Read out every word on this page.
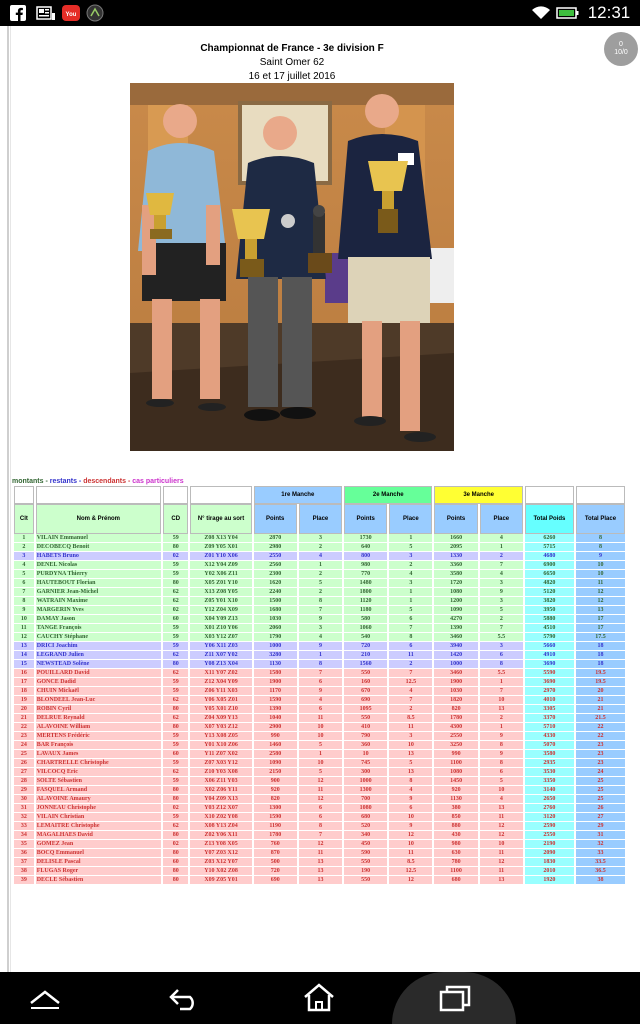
You	12:31
Championnat de France - 3e division F
Saint Omer 62
16 et 17 juillet 2016
0
10/0
montants - restants - descendants - cas particuliers
				1re Manche		2e Manche		3e Manche			
Clt	Nom & Prénom	CD	N° tirage au sort	Points	Place	Points	Place	Points	Place	Total Poids	Total Place
1	VILAIN Emmanuel	59	Z08 X13 Y04	2870	3	1730	1	1660	4	6260	8
2	DECOBECQ Benoit	80	Z09 Y05 X01	2980	2	640	5	2095	1	5715	8
3	HABETS Bruno	02	Z01 Y10 X06	2550	4	800	3	1330	2	4680	9
4	DENEL Nicolas	59	X12 Y04 Z09	2560	1	980	2	3360	7	6900	10
5	PURDYNA Thierry	59	Y02 X06 Z11	2300	2	770	4	3580	4	6650	10
6	HAUTEBOUT Florian	80	X05 Z01 Y10	1620	5	1480	3	1720	3	4820	11
7	GARNIER Jean-Michel	62	X13 Z08 Y05	2240	2	1800	1	1080	9	5120	12
8	WATRAIN Maxime	62	Z05 Y01 X10	1500	8	1120	1	1200	3	3820	12
9	MARGERIN Yves	02	Y12 Z04 X09	1680	7	1180	5	1090	5	3950	13
10	DAMAY Jason	60	X04 Y09 Z13	1030	9	580	6	4270	2	5880	17
11	TANGE François	59	X01 Z10 Y06	2060	3	1060	7	1390	7	4510	17
12	CAUCHY Stéphane	59	X03 Y12 Z07	1790	4	540	8	3460	5.5	5790	17.5
13	DRICI Joachim	59	Y06 X11 Z03	1000	9	720	6	3940	3	5660	18
14	LEGRAND Julien	62	Z11 X07 Y02	3280	1	210	11	1420	6	4910	18
15	NEWSTEAD Solène	80	Y08 Z13 X04	1130	8	1560	2	1000	8	3690	18
16	POUILLARD David	62	X11 Y07 Z02	1580	7	550	7	3460	5.5	5590	19.5
17	GONCE Dadid	59	Z12 X04 Y09	1900	6	160	12.5	1900	1	3690	19.5
18	CHUIN Mickaël	59	Z06 Y11 X03	1170	9	670	4	1030	7	2970	20
19	BLONDEEL Jean-Luc	62	Y06 X05 Z01	1590	4	690	7	1820	10	4010	21
20	ROBIN Cyril	80	Y05 X01 Z10	1390	6	1095	2	820	13	3305	21
21	DELRUE Reynald	62	Z04 X09 Y13	1040	11	550	8.5	1780	2	3370	21.5
22	ALAVOINE William	80	X07 Y03 Z12	2900	10	410	11	4300	1	5710	22
23	MERTENS Frédéric	59	Y13 X08 Z05	990	10	790	3	2550	9	4330	22
24	BAR François	59	Y01 X10 Z06	1460	5	360	10	3250	8	5070	23
25	LAVAUX James	60	Y11 Z07 X02	2580	1	10	13	990	9	3580	23
26	CHARTRELLE Christophe	59	Z07 X03 Y12	1090	10	745	5	1100	8	2935	23
27	VILCOCQ Eric	62	Z10 Y03 X08	2150	5	300	13	1080	6	3530	24
28	SOLTE Sébastien	59	X06 Z11 Y03	900	12	1000	8	1450	5	3350	25
29	FASQUEL Armand	80	X02 Z06 Y11	920	11	1300	4	920	10	3140	25
30	ALAVOINE Amaury	80	Y04 Z09 X13	820	12	700	9	1130	4	2650	25
31	JONNEAU Christophe	02	Y03 Z12 X07	1300	6	1080	6	380	13	2760	26
32	VILAIN Christian	59	X10 Z02 Y08	1590	6	680	10	850	11	3120	27
33	LEMAITRE Christophe	62	X08 Y13 Z04	1190	8	520	9	880	12	2590	29
34	MAGALHAES David	80	Z02 Y06 X11	1780	7	340	12	430	12	2550	31
35	GOMEZ Jean	02	Z13 Y08 X05	760	12	450	10	980	10	2190	32
36	BOCQ Emmanuel	80	Y07 Z03 X12	870	11	590	11	630	11	2090	33
37	DELISLE Pascal	60	Z03 X12 Y07	500	13	550	8.5	780	12	1830	33.5
38	FLUGAS Roger	80	Y10 X02 Z08	720	13	190	12.5	1100	11	2010	36.5
39	DECLE Sébastien	80	X09 Z05 Y01	690	13	550	12	680	13	1920	38
